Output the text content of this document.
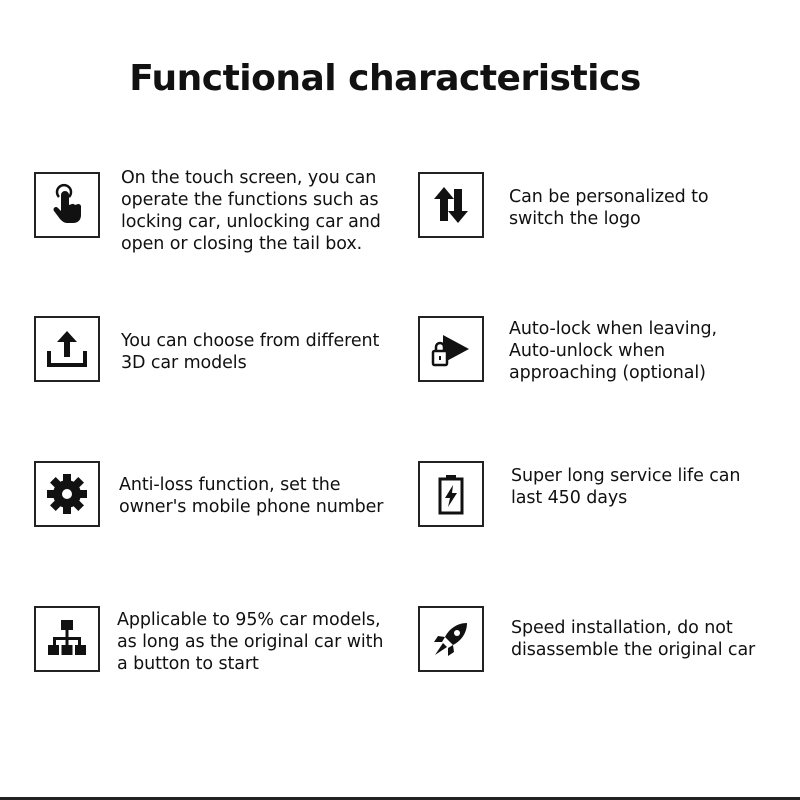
Functional characteristics
On the touch screen, you can
operate the functions such as
locking car, unlocking car and
open or closing the tail box.
Can be personalized to
switch the logo
You can choose from different
3D car models
Auto-lock when leaving,
Auto-unlock when
approaching (optional)
Anti-loss function, set the
owner's mobile phone number
Super long service life can
last 450 days
Applicable to 95% car models,
as long as the original car with
a button to start
Speed installation, do not
disassemble the original car
